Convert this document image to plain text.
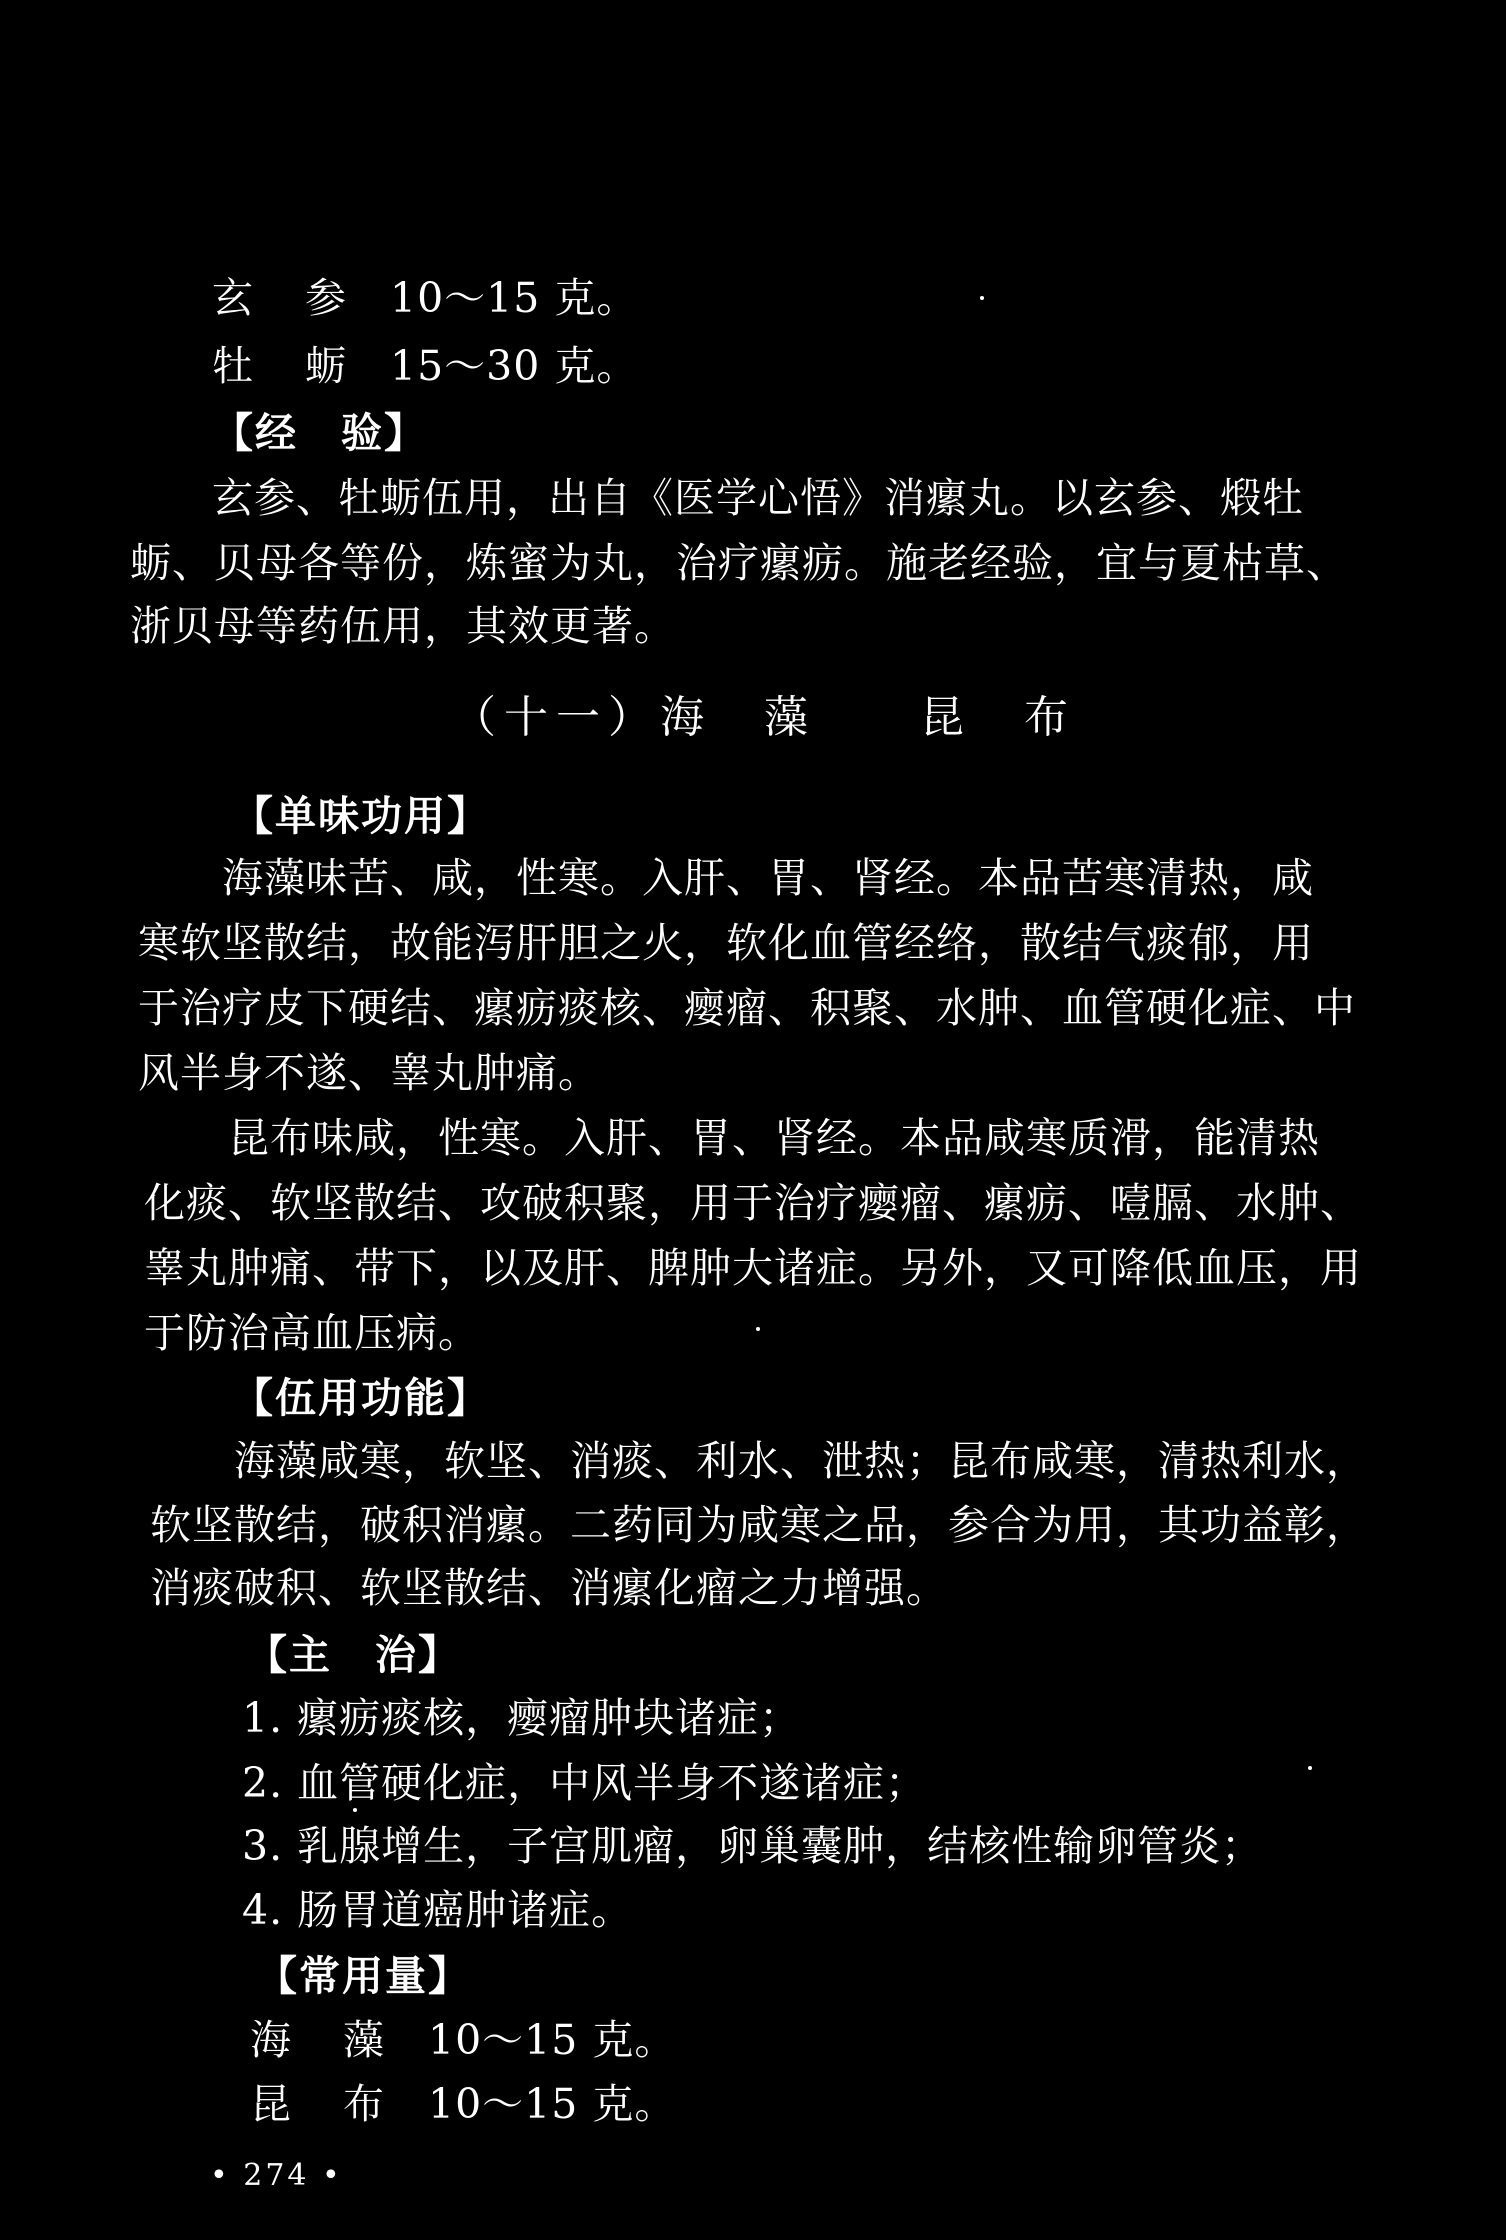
玄参10～15 克。
牡蛎15～30 克。
【经　验】
玄参、牡蛎伍用，出自《医学心悟》消瘰丸。以玄参、煅牡
蛎、贝母各等份，炼蜜为丸，治疗瘰疬。施老经验，宜与夏枯草、
浙贝母等药伍用，其效更著。
（十一）海　藻　　昆　布
【单味功用】
海藻味苦、咸，性寒。入肝、胃、肾经。本品苦寒清热，咸
寒软坚散结，故能泻肝胆之火，软化血管经络，散结气痰郁，用
于治疗皮下硬结、瘰疬痰核、瘿瘤、积聚、水肿、血管硬化症、中
风半身不遂、睾丸肿痛。
昆布味咸，性寒。入肝、胃、肾经。本品咸寒质滑，能清热
化痰、软坚散结、攻破积聚，用于治疗瘿瘤、瘰疬、噎膈、水肿、
睾丸肿痛、带下，以及肝、脾肿大诸症。另外，又可降低血压，用
于防治高血压病。
【伍用功能】
海藻咸寒，软坚、消痰、利水、泄热；昆布咸寒，清热利水，
软坚散结，破积消瘰。二药同为咸寒之品，参合为用，其功益彰，
消痰破积、软坚散结、消瘰化瘤之力增强。
【主　治】
1. 瘰疬痰核，瘿瘤肿块诸症；
2. 血管硬化症，中风半身不遂诸症；
3. 乳腺增生，子宫肌瘤，卵巢囊肿，结核性输卵管炎；
4. 肠胃道癌肿诸症。
【常用量】
海藻10～15 克。
昆布10～15 克。
• 274 •
